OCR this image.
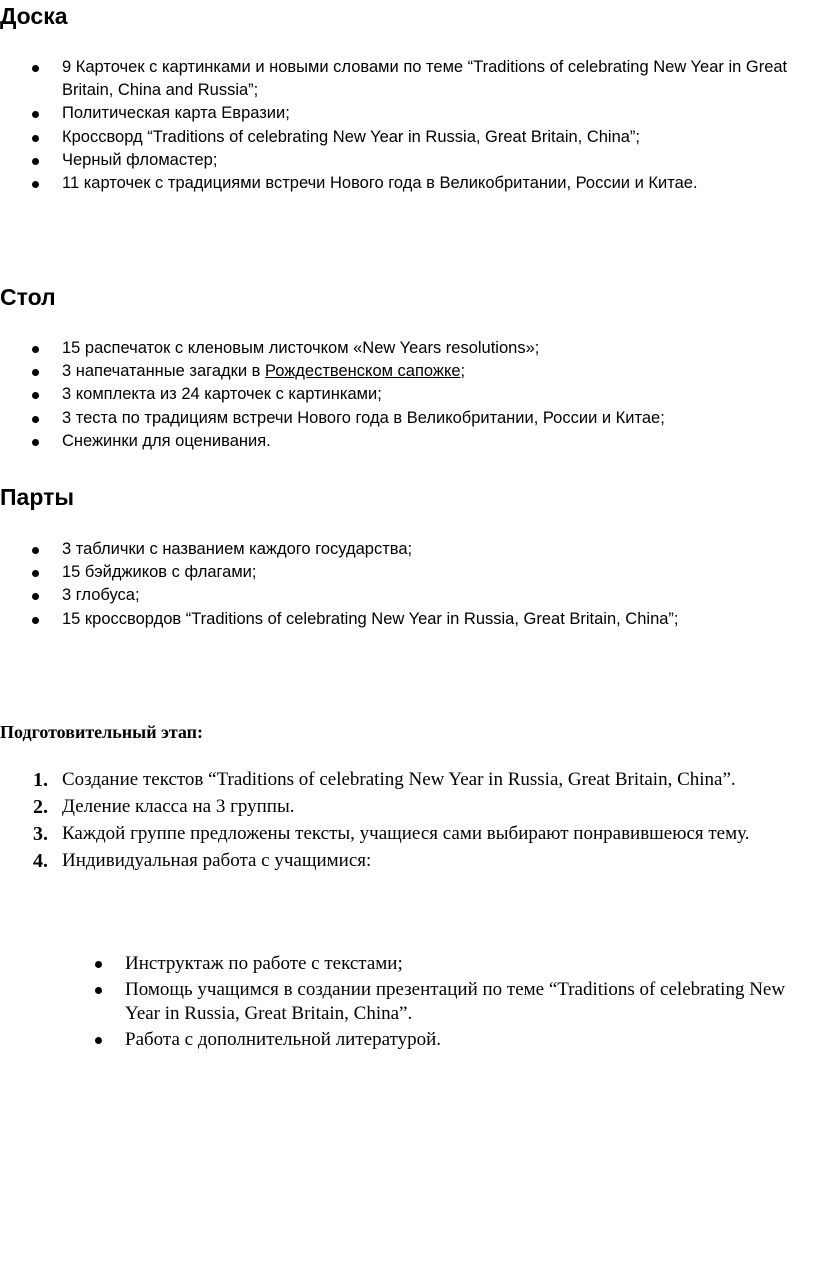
Доска
9 Карточек с картинками и новыми словами по теме “Traditions of celebrating New Year in Great Britain, China and Russia”;
Политическая карта Евразии;
Кроссворд “Traditions of celebrating New Year in Russia, Great Britain, China”;
Черный фломастер;
11 карточек с традициями встречи Нового года в Великобритании, России и Китае.
Стол
15 распечаток с кленовым листочком «New Years resolutions»;
3 напечатанные загадки в Рождественском сапожке;
3 комплекта из 24 карточек с картинками;
3 теста по традициям встречи Нового года в Великобритании, России и Китае;
Снежинки для оценивания.
Парты
3 таблички с названием каждого государства;
15 бэйджиков с флагами;
3 глобуса;
15 кроссвордов “Traditions of celebrating New Year in Russia, Great Britain, China”;
Подготовительный этап:
1. Создание текстов “Traditions of celebrating New Year in Russia, Great Britain, China”.
2. Деление класса на 3 группы.
3. Каждой группе предложены тексты, учащиеся сами выбирают понравившеюся тему.
4. Индивидуальная работа с учащимися:
Инструктаж по работе с текстами;
Помощь учащимся в создании презентаций по теме “Traditions of celebrating New Year in Russia, Great Britain, China”.
Работа с дополнительной литературой.
